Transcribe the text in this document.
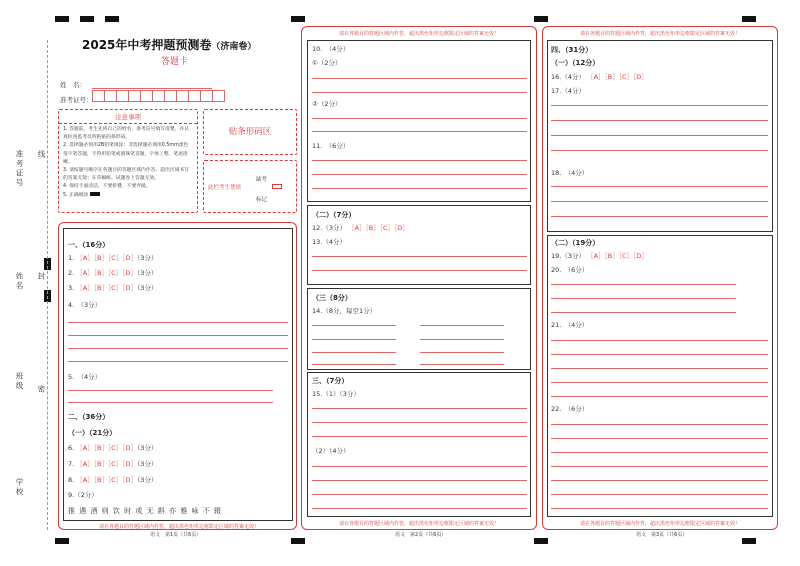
准考证号 线
姓名 封
班级 密
学校
2025年中考押题预测卷（济南卷）
答题卡
姓　名：
准考证号：
注意事项
1. 答题前，考生先将自己的姓名，准考证号填写清楚，并认真检查监考员所粘贴的条形码。
2. 选择题必须用2B铅笔填涂；非选择题必须用0.5mm黑色签字笔答题，不得用铅笔或圆珠笔答题，字体工整、笔迹清晰。
3. 请按题号顺序在各题目的答题区域内作答，超出区域书写的答案无效；在草稿纸、试题卷上答题无效。
4. 保持卡面清洁，不要折叠、不要弄破。
5. 正确填涂
贴条形码区
此栏考生禁填
缺考
标记
一、（16分）
1. ［A］［B］［C］［D］（3分）
2. ［A］［B］［C］［D］（3分）
3. ［A］［B］［C］［D］（3分）
4.　（3分）
5.　（4分）
二、（36分）
（一）（21分）
6. ［A］［B］［C］［D］（3分）
7. ［A］［B］［C］［D］（3分）
8. ［A］［B］［C］［D］（3分）
9.（2分）
推 遇 酒 则 饮 时 或 无 斟 亦 雅 咏 不 辍
请在各题目的答题区域内作答，超出黑色矩形边框限定区域的答案无效！
语文　第1页（共6页）
请在各题目的答题区域内作答，超出黑色矩形边框限定区域的答案无效！
10.　（4分）
①（2分）
②（2分）
11.　（6分）
（二）（7分）
12.（3分） ［A］［B］［C］［D］
13.（4分）
（三（8分）
14.（8分，每空1分）
三、（7分）
15.（1）（3分）
（2）（4分）
请在各题目的答题区域内作答，超出黑色矩形边框限定区域的答案无效！
语文　第2页（共6页）
请在各题目的答题区域内作答，超出黑色矩形边框限定区域的答案无效！
四、（31分）
（一）（12分）
16.（4分） ［A］［B］［C］［D］
17.（4分）
18.　（4分）
（二）（19分）
19.（3分） ［A］［B］［C］［D］
20.　（6分）
21.　（4分）
22.　（6分）
请在各题目的答题区域内作答，超出黑色矩形边框限定区域的答案无效！
语文　第3页（共6页）
